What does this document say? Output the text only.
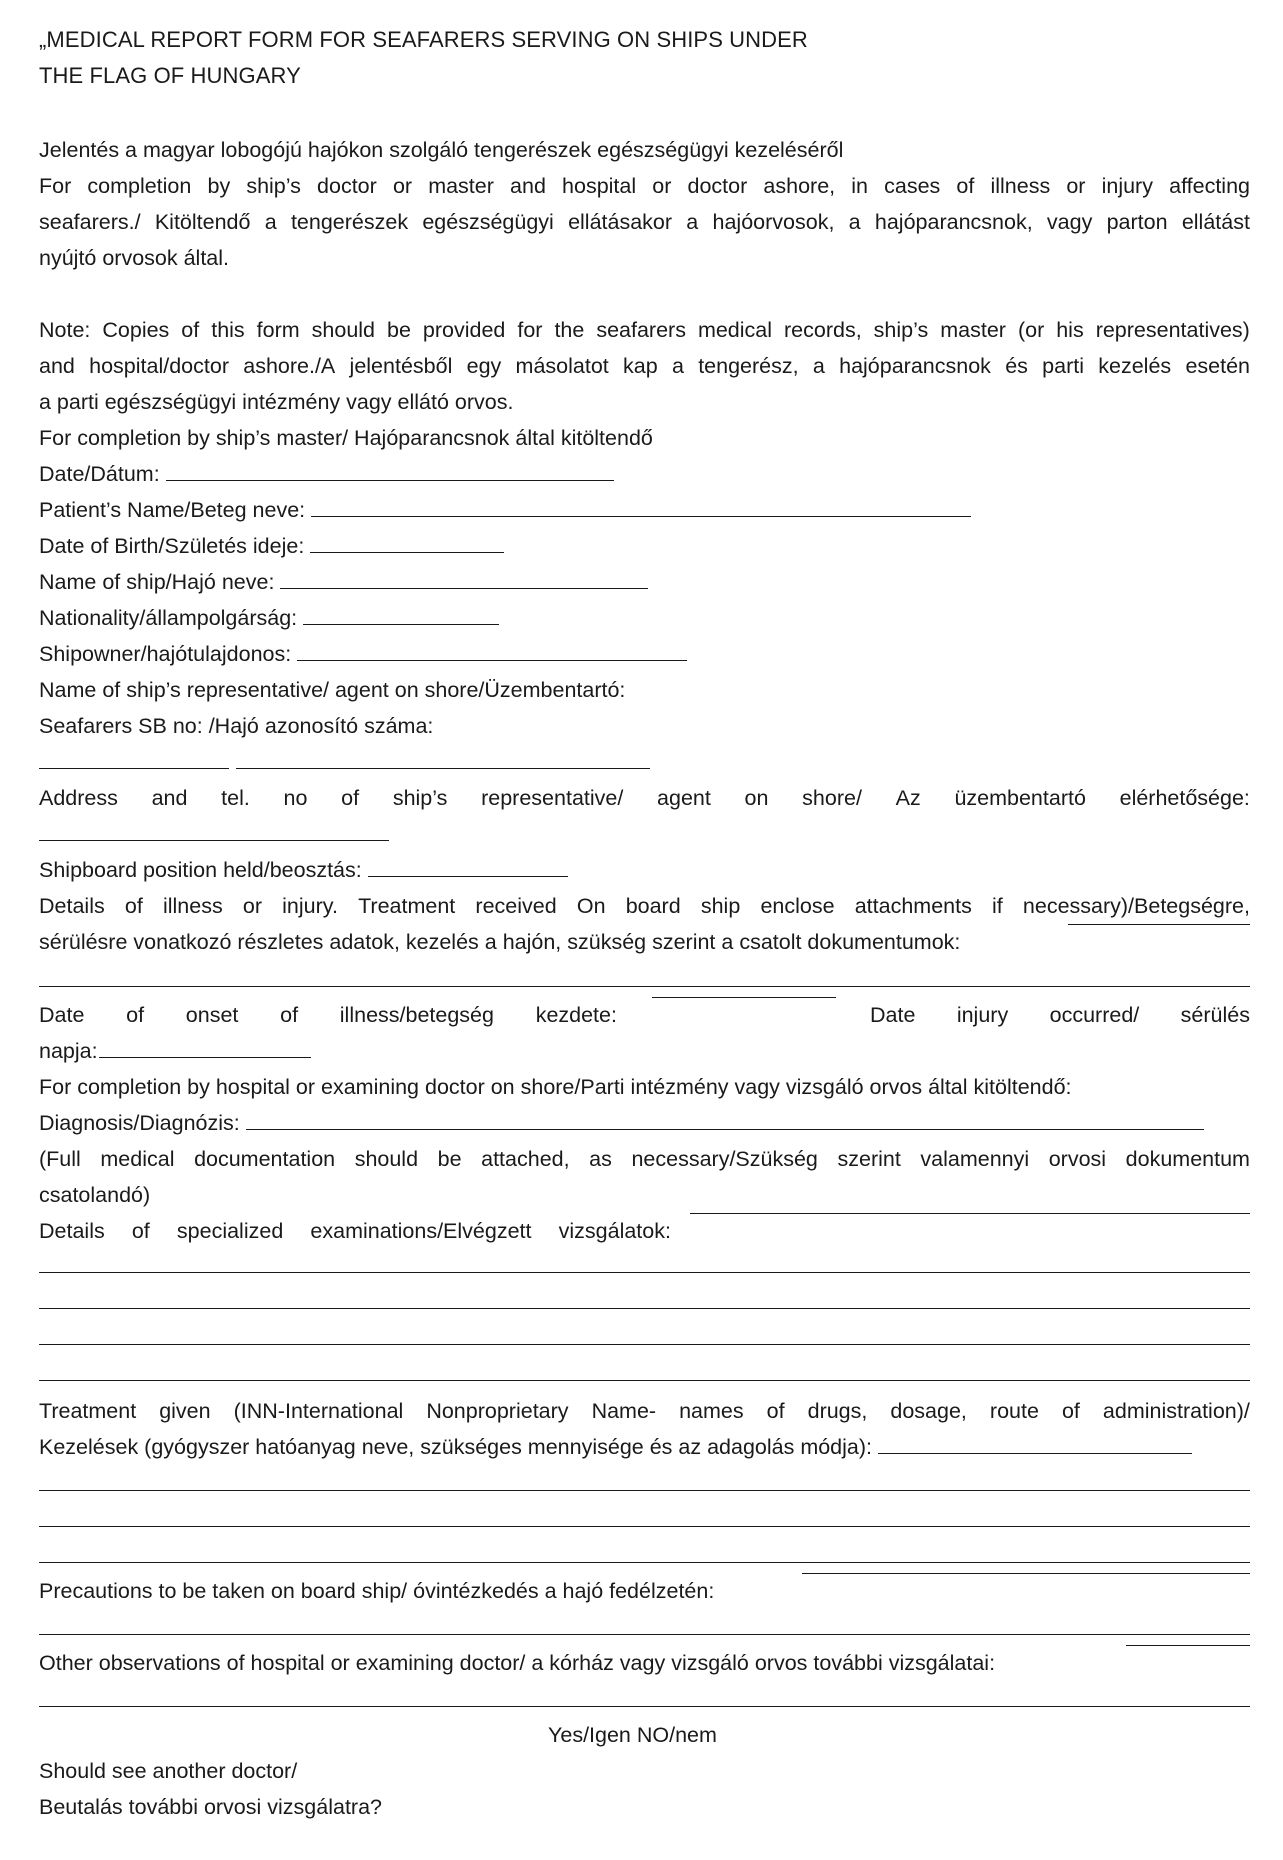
„MEDICAL REPORT FORM FOR SEAFARERS SERVING ON SHIPS UNDER
THE FLAG OF HUNGARY
Jelentés a magyar lobogójú hajókon szolgáló tengerészek egészségügyi kezeléséről
For completion by ship’s doctor or master and hospital or doctor ashore, in cases of illness or injury affecting
seafarers./ Kitöltendő a tengerészek egészségügyi ellátásakor a hajóorvosok, a hajóparancsnok, vagy parton ellátást
nyújtó orvosok által.
Note: Copies of this form should be provided for the seafarers medical records, ship’s master (or his representatives)
and hospital/doctor ashore./A jelentésből egy másolatot kap a tengerész, a hajóparancsnok és parti kezelés esetén
a parti egészségügyi intézmény vagy ellátó orvos.
For completion by ship’s master/ Hajóparancsnok által kitöltendő
Date/Dátum:
Patient’s Name/Beteg neve:
Date of Birth/Születés ideje:
Name of ship/Hajó neve:
Nationality/állampolgárság:
Shipowner/hajótulajdonos:
Name of ship’s representative/ agent on shore/Üzembentartó:
Seafarers SB no: /Hajó azonosító száma:
Address and tel. no of ship’s representative/ agent on shore/ Az üzembentartó elérhetősége:
Shipboard position held/beosztás:
Details of illness or injury. Treatment received On board ship enclose attachments if necessary)/Betegségre,
sérülésre vonatkozó részletes adatok, kezelés a hajón, szükség szerint a csatolt dokumentumok:
Date of onset of illness/betegség kezdete:	Date injury occurred/ sérülés
napja:
For completion by hospital or examining doctor on shore/Parti intézmény vagy vizsgáló orvos által kitöltendő:
Diagnosis/Diagnózis:
(Full medical documentation should be attached, as necessary/Szükség szerint valamennyi orvosi dokumentum
csatolandó)
Details of specialized examinations/Elvégzett vizsgálatok:
Treatment given (INN-International Nonproprietary Name- names of drugs, dosage, route of administration)/
Kezelések (gyógyszer hatóanyag neve, szükséges mennyisége és az adagolás módja):
Precautions to be taken on board ship/ óvintézkedés a hajó fedélzetén:
Other observations of hospital or examining doctor/ a kórház vagy vizsgáló orvos további vizsgálatai:
Yes/Igen NO/nem
Should see another doctor/
Beutalás további orvosi vizsgálatra?
